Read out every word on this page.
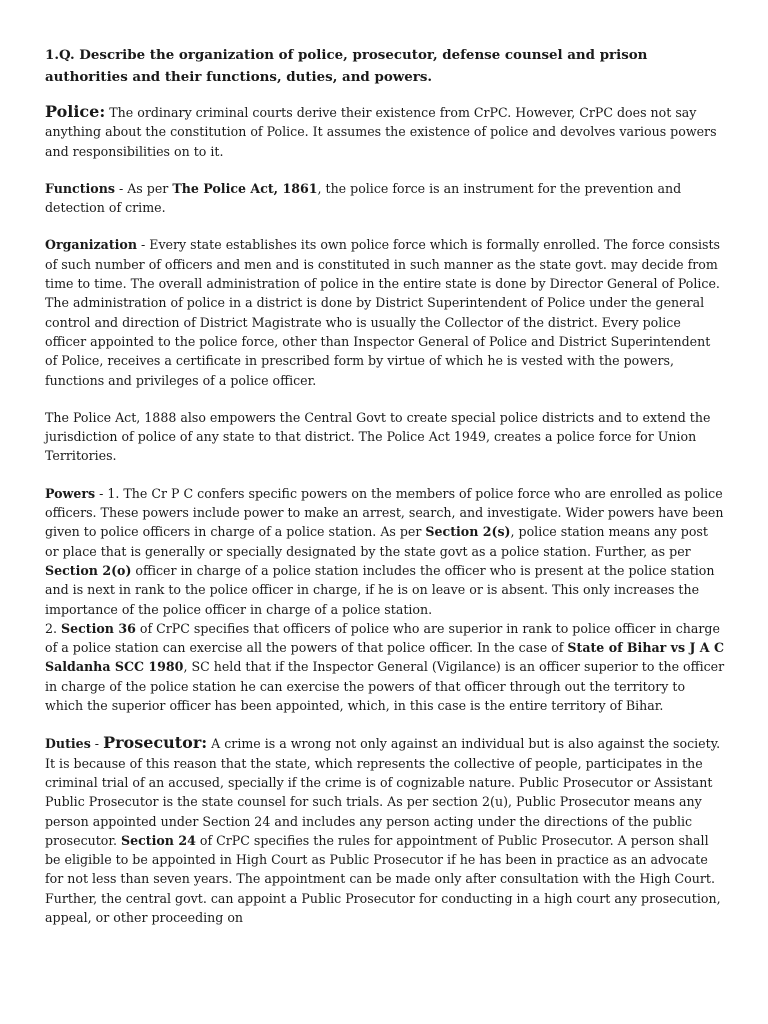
1.Q. Describe the organization of police, prosecutor, defense counsel and prison authorities and their functions, duties, and powers.

Police: The ordinary criminal courts derive their existence from CrPC. However, CrPC does not say anything about the constitution of Police. It assumes the existence of police and devolves various powers and responsibilities on to it.

Functions - As per The Police Act, 1861, the police force is an instrument for the prevention and detection of crime.

Organization - Every state establishes its own police force which is formally enrolled. The force consists of such number of officers and men and is constituted in such manner as the state govt. may decide from time to time. The overall administration of police in the entire state is done by Director General of Police. The administration of police in a district is done by District Superintendent of Police under the general control and direction of District Magistrate who is usually the Collector of the district. Every police officer appointed to the police force, other than Inspector General of Police and District Superintendent of Police, receives a certificate in prescribed form by virtue of which he is vested with the powers, functions and privileges of a police officer.

The Police Act, 1888 also empowers the Central Govt to create special police districts and to extend the jurisdiction of police of any state to that district. The Police Act 1949, creates a police force for Union Territories.

Powers - 1. The Cr P C confers specific powers on the members of police force who are enrolled as police officers. These powers include power to make an arrest, search, and investigate. Wider powers have been given to police officers in charge of a police station. As per Section 2(s), police station means any post or place that is generally or specially designated by the state govt as a police station. Further, as per Section 2(o) officer in charge of a police station includes the officer who is present at the police station and is next in rank to the police officer in charge, if he is on leave or is absent. This only increases the importance of the police officer in charge of a police station.

2. Section 36 of CrPC specifies that officers of police who are superior in rank to police officer in charge of a police station can exercise all the powers of that police officer. In the case of State of Bihar vs J A C Saldanha SCC 1980, SC held that if the Inspector General (Vigilance) is an officer superior to the officer in charge of the police station he can exercise the powers of that officer through out the territory to which the superior officer has been appointed, which, in this case is the entire territory of Bihar.

Duties - Prosecutor: A crime is a wrong not only against an individual but is also against the society. It is because of this reason that the state, which represents the collective of people, participates in the criminal trial of an accused, specially if the crime is of cognizable nature. Public Prosecutor or Assistant Public Prosecutor is the state counsel for such trials. As per section 2(u), Public Prosecutor means any person appointed under Section 24 and includes any person acting under the directions of the public prosecutor. Section 24 of CrPC specifies the rules for appointment of Public Prosecutor. A person shall be eligible to be appointed in High Court as Public Prosecutor if he has been in practice as an advocate for not less than seven years. The appointment can be made only after consultation with the High Court. Further, the central govt. can appoint a Public Prosecutor for conducting in a high court any prosecution, appeal, or other proceeding on
